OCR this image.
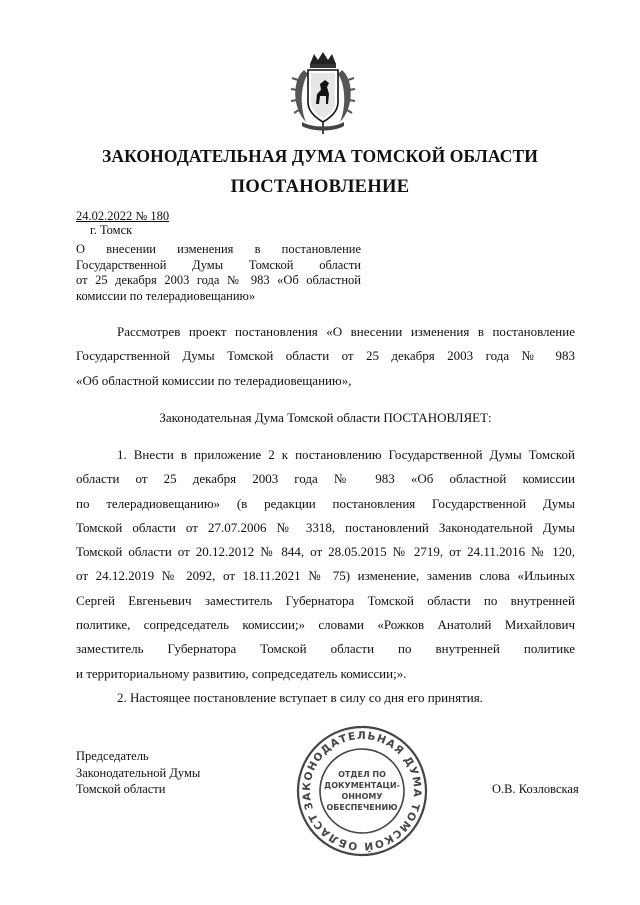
ЗАКОНОДАТЕЛЬНАЯ ДУМА ТОМСКОЙ ОБЛАСТИ
ПОСТАНОВЛЕНИЕ
24.02.2022 № 180
г. Томск
О внесении изменения в постановление
Государственной Думы Томской области
от 25 декабря 2003 года № 983 «Об областной
комиссии по телерадиовещанию»
Рассмотрев проект постановления «О внесении изменения в постановление
Государственной Думы Томской области от 25 декабря 2003 года № 983
«Об областной комиссии по телерадиовещанию»,
Законодательная Дума Томской области ПОСТАНОВЛЯЕТ:
1. Внести в приложение 2 к постановлению Государственной Думы Томской
области от 25 декабря 2003 года № 983 «Об областной комиссии
по телерадиовещанию» (в редакции постановления Государственной Думы
Томской области от 27.07.2006 № 3318, постановлений Законодательной Думы
Томской области от 20.12.2012 № 844, от 28.05.2015 № 2719, от 24.11.2016 № 120,
от 24.12.2019 № 2092, от 18.11.2021 № 75) изменение, заменив слова «Ильиных
Сергей Евгеньевич заместитель Губернатора Томской области по внутренней
политике, сопредседатель комиссии;» словами «Рожков Анатолий Михайлович
заместитель Губернатора Томской области по внутренней политике
и территориальному развитию, сопредседатель комиссии;».
2. Настоящее постановление вступает в силу со дня его принятия.
Председатель
Законодательной Думы
Томской области	О.В. Козловская
ЗАКОНОДАТЕЛЬНАЯ ДУМА ТОМСКОЙ ОБЛАСТИ
ОТДЕЛ ПО
ДОКУМЕНТАЦИ-
ОННОМУ
ОБЕСПЕЧЕНИЮ
